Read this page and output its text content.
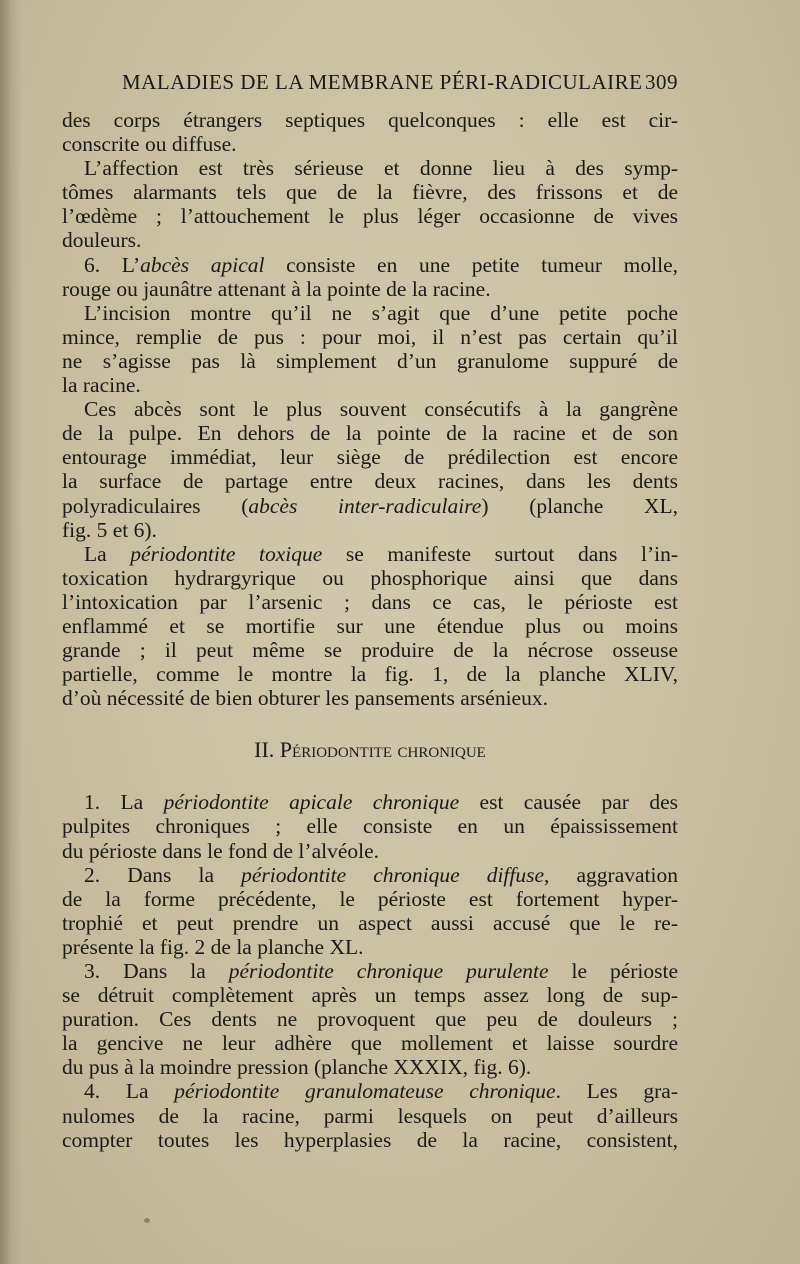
MALADIES DE LA MEMBRANE PÉRI-RADICULAIRE 309
des corps étrangers septiques quelconques : elle est cir-
conscrite ou diffuse.
L’affection est très sérieuse et donne lieu à des symp-
tômes alarmants tels que de la fièvre, des frissons et de
l’œdème ; l’attouchement le plus léger occasionne de vives
douleurs.
6. L’abcès apical consiste en une petite tumeur molle,
rouge ou jaunâtre attenant à la pointe de la racine.
L’incision montre qu’il ne s’agit que d’une petite poche
mince, remplie de pus : pour moi, il n’est pas certain qu’il
ne s’agisse pas là simplement d’un granulome suppuré de
la racine.
Ces abcès sont le plus souvent consécutifs à la gangrène
de la pulpe. En dehors de la pointe de la racine et de son
entourage immédiat, leur siège de prédilection est encore
la surface de partage entre deux racines, dans les dents
polyradiculaires (abcès inter-radiculaire) (planche XL,
fig. 5 et 6).
La périodontite toxique se manifeste surtout dans l’in-
toxication hydrargyrique ou phosphorique ainsi que dans
l’intoxication par l’arsenic ; dans ce cas, le périoste est
enflammé et se mortifie sur une étendue plus ou moins
grande ; il peut même se produire de la nécrose osseuse
partielle, comme le montre la fig. 1, de la planche XLIV,
d’où nécessité de bien obturer les pansements arsénieux.
II. Périodontite chronique
1. La périodontite apicale chronique est causée par des
pulpites chroniques ; elle consiste en un épaississement
du périoste dans le fond de l’alvéole.
2. Dans la périodontite chronique diffuse, aggravation
de la forme précédente, le périoste est fortement hyper-
trophié et peut prendre un aspect aussi accusé que le re-
présente la fig. 2 de la planche XL.
3. Dans la périodontite chronique purulente le périoste
se détruit complètement après un temps assez long de sup-
puration. Ces dents ne provoquent que peu de douleurs ;
la gencive ne leur adhère que mollement et laisse sourdre
du pus à la moindre pression (planche XXXIX, fig. 6).
4. La périodontite granulomateuse chronique. Les gra-
nulomes de la racine, parmi lesquels on peut d’ailleurs
compter toutes les hyperplasies de la racine, consistent,
